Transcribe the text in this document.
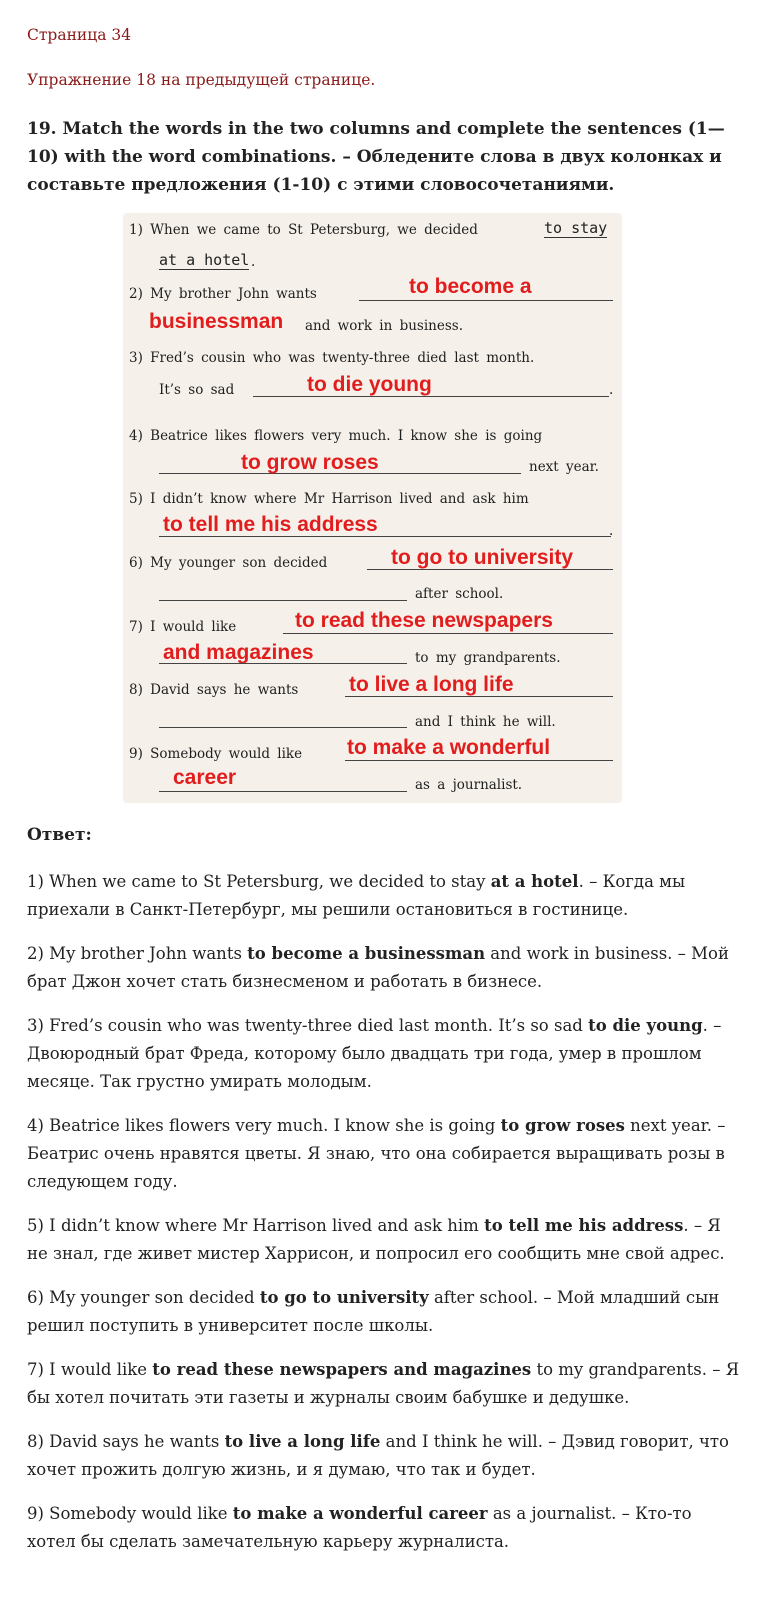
Страница 34
Упражнение 18 на предыдущей странице.
19. Match the words in the two columns and complete the sentences (1—10) with the word combinations. – Обледените слова в двух колонках и составьте предложения (1-10) с этими словосочетаниями.
1) When we came to St Petersburg, we decided	to stay
at a hotel .
2) My brother John wants	to become a
businessman and work in business.
3) Fred’s cousin who was twenty-three died last month.
It’s so sad	to die young	.
4) Beatrice likes flowers very much. I know she is going
to grow roses	next year.
5) I didn’t know where Mr Harrison lived and ask him
to tell me his address	.
6) My younger son decided	to go to university
after school.
7) I would like	to read these newspapers
and magazines	to my grandparents.
8) David says he wants to live a long life
and I think he will.
9) Somebody would like to make a wonderful
career	as a journalist.
Ответ:
1) When we came to St Petersburg, we decided to stay at a hotel. – Когда мы приехали в Санкт-Петербург, мы решили остановиться в гостинице.
2) My brother John wants to become a businessman and work in business. – Мой брат Джон хочет стать бизнесменом и работать в бизнесе.
3) Fred’s cousin who was twenty-three died last month. It’s so sad to die young. – Двоюродный брат Фреда, которому было двадцать три года, умер в прошлом месяце. Так грустно умирать молодым.
4) Beatrice likes flowers very much. I know she is going to grow roses next year. – Беатрис очень нравятся цветы. Я знаю, что она собирается выращивать розы в следующем году.
5) I didn’t know where Mr Harrison lived and ask him to tell me his address. – Я не знал, где живет мистер Харрисон, и попросил его сообщить мне свой адрес.
6) My younger son decided to go to university after school. – Мой младший сын решил поступить в университет после школы.
7) I would like to read these newspapers and magazines to my grandparents. – Я бы хотел почитать эти газеты и журналы своим бабушке и дедушке.
8) David says he wants to live a long life and I think he will. – Дэвид говорит, что хочет прожить долгую жизнь, и я думаю, что так и будет.
9) Somebody would like to make a wonderful career as a journalist. – Кто-то хотел бы сделать замечательную карьеру журналиста.
